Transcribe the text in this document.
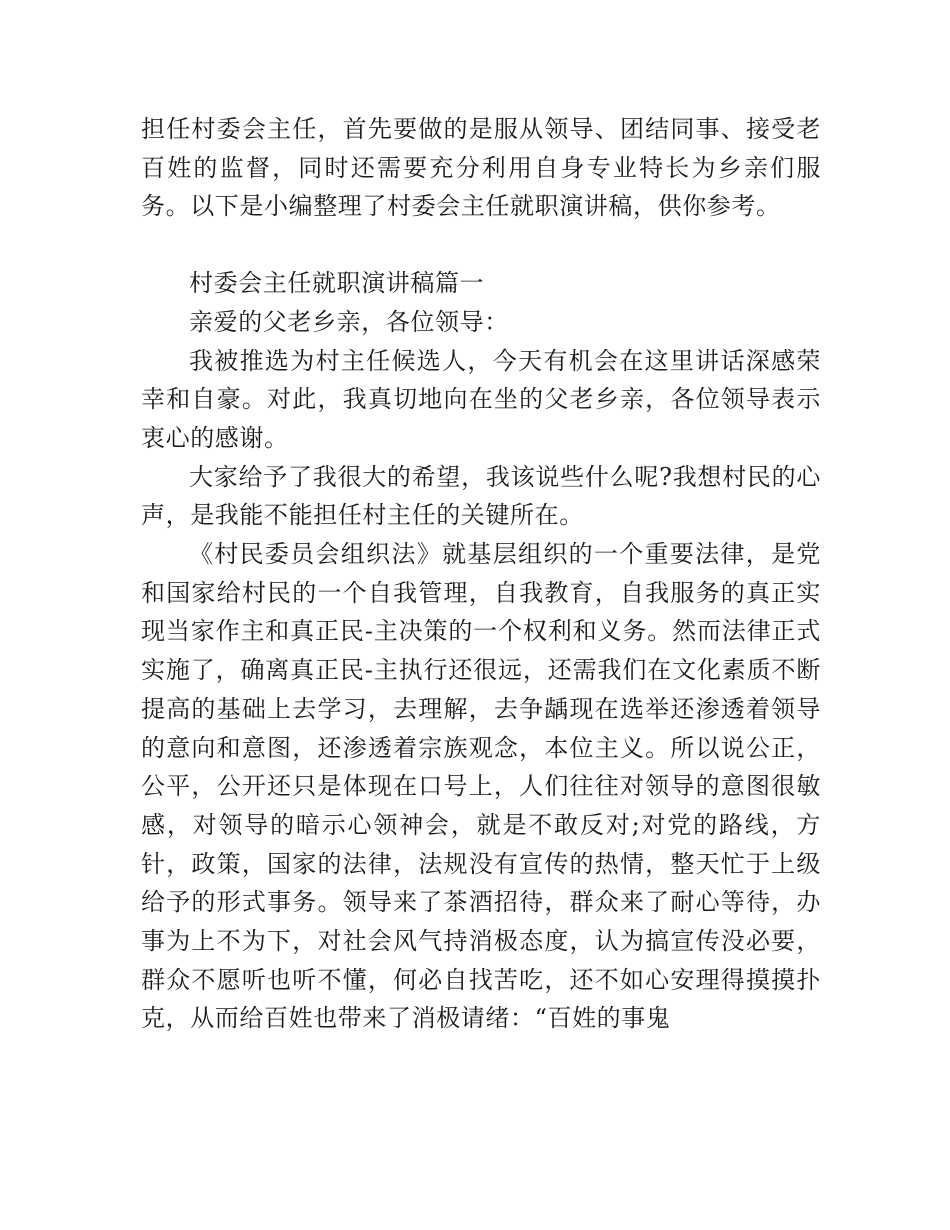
担任村委会主任，首先要做的是服从领导、团结同事、接受老百姓的监督，同时还需要充分利用自身专业特长为乡亲们服务。以下是小编整理了村委会主任就职演讲稿，供你参考。

村委会主任就职演讲稿篇一

亲爱的父老乡亲，各位领导：

我被推选为村主任候选人，今天有机会在这里讲话深感荣幸和自豪。对此，我真切地向在坐的父老乡亲，各位领导表示衷心的感谢。

大家给予了我很大的希望，我该说些什么呢?我想村民的心声，是我能不能担任村主任的关键所在。

《村民委员会组织法》就基层组织的一个重要法律，是党和国家给村民的一个自我管理，自我教育，自我服务的真正实现当家作主和真正民-主决策的一个权利和义务。然而法律正式实施了，确离真正民-主执行还很远，还需我们在文化素质不断提高的基础上去学习，去理解，去争龋现在选举还渗透着领导的意向和意图，还渗透着宗族观念，本位主义。所以说公正，公平，公开还只是体现在口号上，人们往往对领导的意图很敏感，对领导的暗示心领神会，就是不敢反对;对党的路线，方针，政策，国家的法律，法规没有宣传的热情，整天忙于上级给予的形式事务。领导来了茶酒招待，群众来了耐心等待，办事为上不为下，对社会风气持消极态度，认为搞宣传没必要，群众不愿听也听不懂，何必自找苦吃，还不如心安理得摸摸扑克，从而给百姓也带来了消极请绪：“百姓的事鬼
